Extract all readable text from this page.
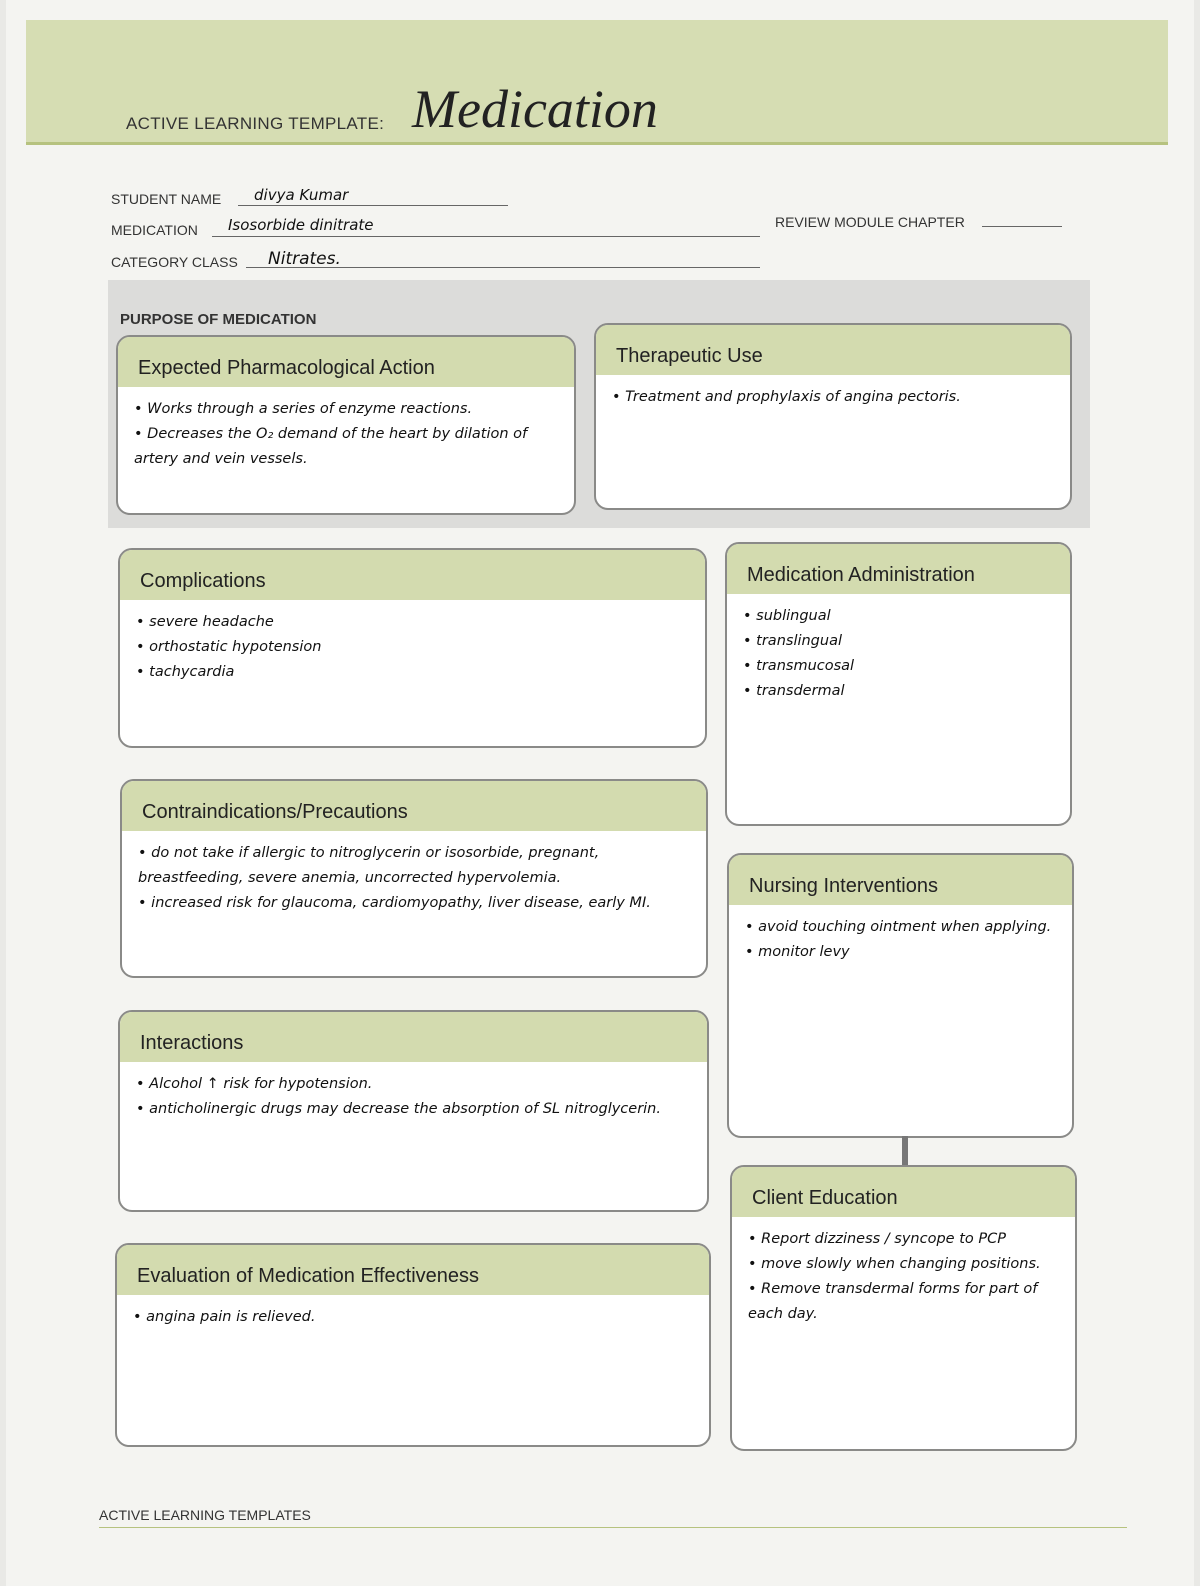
ACTIVE LEARNING TEMPLATE: Medication
STUDENT NAME divya Kumar
MEDICATION Isosorbide dinitrate
CATEGORY CLASS Nitrates.
REVIEW MODULE CHAPTER
PURPOSE OF MEDICATION
Expected Pharmacological Action
• Works through a series of enzyme reactions.
• Decreases the O₂ demand of the heart by dilation of artery and vein vessels.
Therapeutic Use
• Treatment and prophylaxis of angina pectoris.
Complications
• severe headache
• orthostatic hypotension
• tachycardia
Medication Administration
• sublingual
• translingual
• transmucosal
• transdermal
Contraindications/Precautions
• do not take if allergic to nitroglycerin or isosorbide, pregnant, breastfeeding, severe anemia, uncorrected hypervolemia.
• increased risk for glaucoma, cardiomyopathy, liver disease, early MI.
Nursing Interventions
• avoid touching ointment when applying.
• monitor levy
Interactions
• Alcohol ↑ risk for hypotension.
• anticholinergic drugs may decrease the absorption of SL nitroglycerin.
Client Education
• Report dizziness / syncope to PCP
• move slowly when changing positions.
• Remove transdermal forms for part of each day.
Evaluation of Medication Effectiveness
• angina pain is relieved.
ACTIVE LEARNING TEMPLATES
